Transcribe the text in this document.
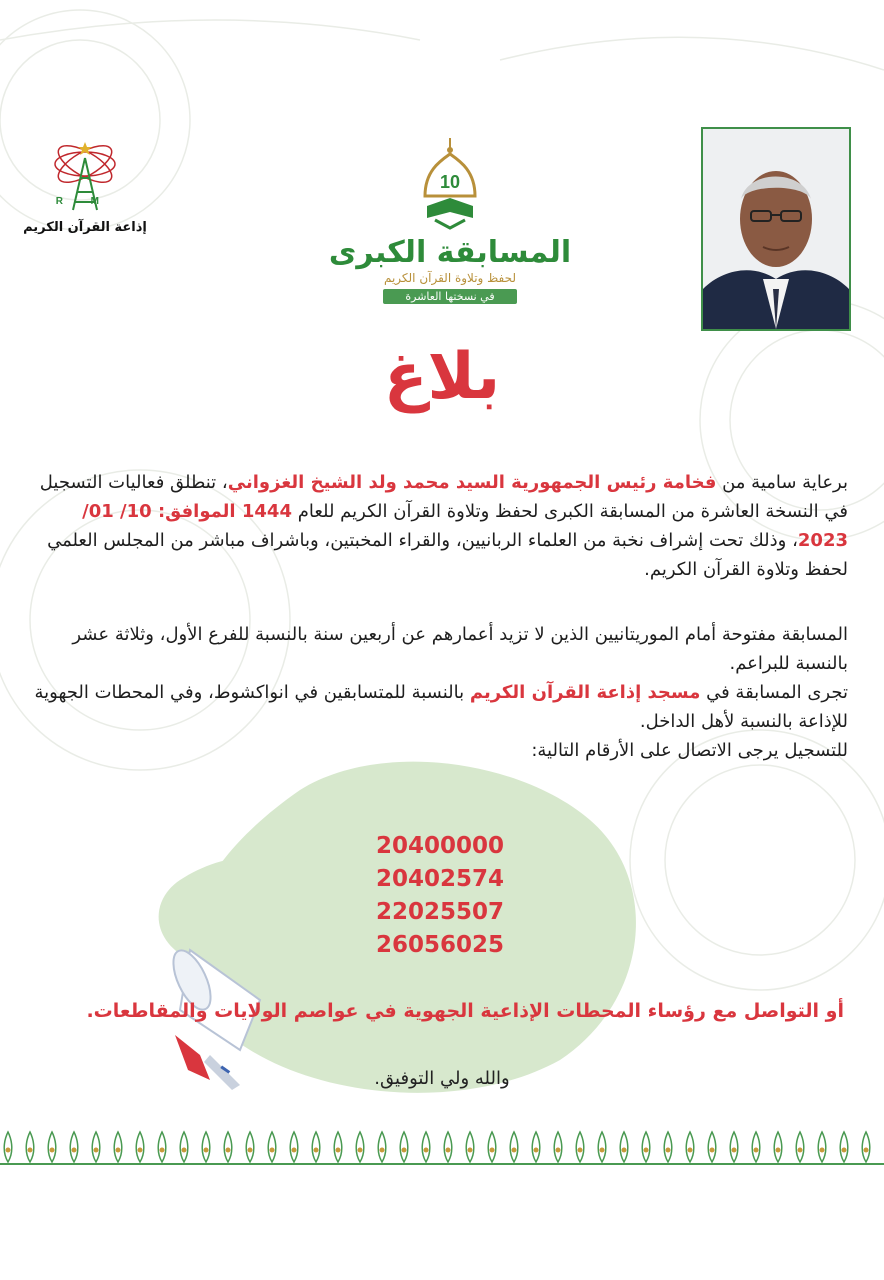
R	M
إذاعة القرآن الكريم
10
المسابقة الكبرى
لحفظ وتلاوة القرآن الكريم
في نسختها العاشرة
بلاغ

برعاية سامية من فخامة رئيس الجمهورية السيد محمد ولد الشيخ الغزواني، تنطلق فعاليات التسجيل في النسخة العاشرة من المسابقة الكبرى لحفظ وتلاوة القرآن الكريم للعام 1444 الموافق: 10/ 01/ 2023، وذلك تحت إشراف نخبة من العلماء الربانيين، والقراء المخبتين، وباشراف مباشر من المجلس العلمي لحفظ وتلاوة القرآن الكريم.

المسابقة مفتوحة أمام الموريتانيين الذين لا تزيد أعمارهم عن أربعين سنة بالنسبة للفرع الأول، وثلاثة عشر بالنسبة للبراعم.

تجرى المسابقة في مسجد إذاعة القرآن الكريم بالنسبة للمتسابقين في انواكشوط، وفي المحطات الجهوية للإذاعة بالنسبة لأهل الداخل.

للتسجيل يرجى الاتصال على الأرقام التالية:

20400000
20402574
22025507
26056025
أو التواصل مع رؤساء المحطات الإذاعية الجهوية في عواصم الولايات والمقاطعات.
والله ولي التوفيق.
